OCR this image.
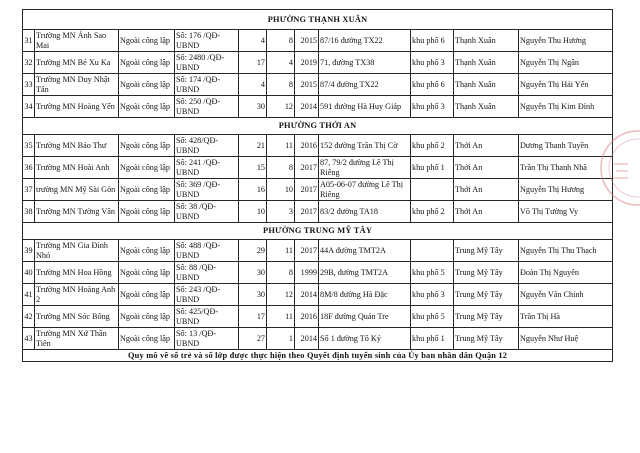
PHƯỜNG THẠNH XUÂN										
31	Trường MN Ánh Sao Mai	Ngoài công lập	Số: 176 /QĐ-UBND	4	8	2015	87/16 đường TX22	khu phố 6	Thạnh Xuân	Nguyễn Thu Hương
32	Trường MN Bé Xu Ka	Ngoài công lập	Số: 2480 /QĐ-UBND	17	4	2019	71, đường TX38	khu phố 3	Thạnh Xuân	Nguyễn Thị Ngân
33	Trường MN Duy Nhật Tân	Ngoài công lập	Số: 174 /QĐ-UBND	4	8	2015	87/4 đường TX22	khu phố 6	Thạnh Xuân	Nguyễn Thị Hải Yến
34	Trường MN Hoàng Yến	Ngoài công lập	Số: 250 /QĐ-UBND	30	12	2014	591 đường Hà Huy Giáp	khu phố 3	Thạnh Xuân	Nguyễn Thị Kim Đính
PHƯỜNG THỚI AN										
35	Trường MN Bảo Thư	Ngoài công lập	Số: 428/QĐ-UBND	21	11	2016	152 đường Trần Thị Cờ	khu phố 2	Thới An	Dương Thanh Tuyền
36	Trường MN Hoài Anh	Ngoài công lập	Số: 241 /QĐ-UBND	15	8	2017	87, 79/2 đường Lê Thị Riêng	khu phố 1	Thới An	Trần Thị Thanh Nhã
37	trường MN Mỹ Sài Gòn	Ngoài công lập	Số: 369 /QĐ-UBND	16	10	2017	A05-06-07 đường Lê Thị Riêng		Thới An	Nguyễn Thị Hương
38	Trường MN Tường Vân	Ngoài công lập	Số: 38 /QĐ-UBND	10	3	2017	83/2 đường TA18	khu phố 2	Thới An	Võ Thị Tường Vy
PHƯỜNG TRUNG MỸ TÂY										
39	Trường MN Gia Đình Nhỏ	Ngoài công lập	Số: 488 /QĐ-UBND	29	11	2017	44A đường TMT2A		Trung Mỹ Tây	Nguyễn Thị Thu Thạch
40	Trường MN Hoa Hồng	Ngoài công lập	Số: 88 /QĐ-UBND	30	8	1999	29B, đường TMT2A	khu phố 5	Trung Mỹ Tây	Đoàn Thị Nguyên
41	Trường MN Hoàng Anh 2	Ngoài công lập	Số: 243 /QĐ-UBND	30	12	2014	8M/8 đường Hà Đặc	khu phố 3	Trung Mỹ Tây	Nguyễn Văn Chính
42	Trường MN Sóc Bông	Ngoài công lập	Số: 425/QĐ-UBND	17	11	2016	18F đường Quán Tre	khu phố 5	Trung Mỹ Tây	Trần Thị Hà
43	Trường MN Xứ Thần Tiên	Ngoài công lập	Số: 13 /QĐ-UBND	27	1	2014	Số 1 đường Tô Ký	khu phố 1	Trung Mỹ Tây	Nguyễn Như Huệ
Quy mô về số trẻ và số lớp được thực hiện theo Quyết định tuyển sinh của Ủy ban nhân dân Quận 12										
